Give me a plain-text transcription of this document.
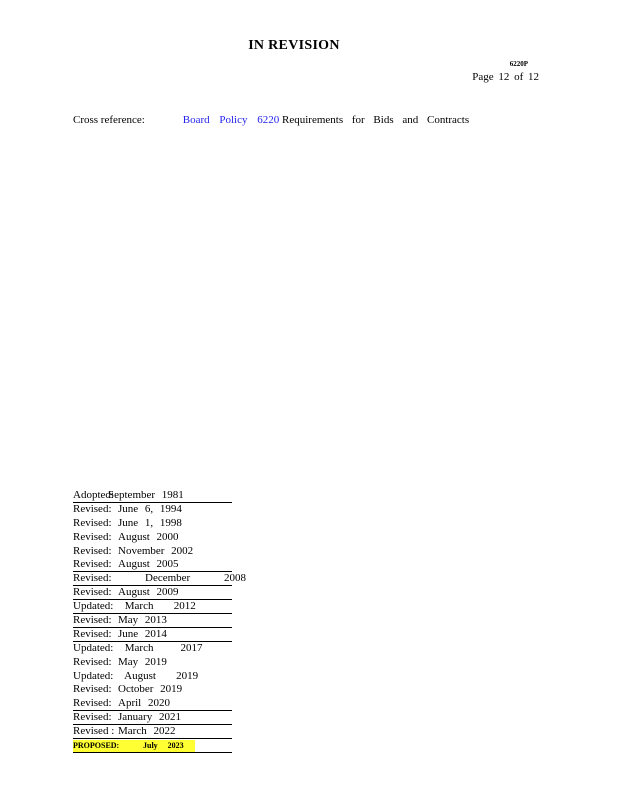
IN REVISION
6220P
Page 12 of 12
Cross reference:	Board Policy 6220 Requirements for Bids and Contracts
Adopted:September 1981
Revised: June 6, 1994
Revised: June 1, 1998
Revised: August 2000
Revised: November 2002
Revised: August 2005
Revised:    December     2008
Revised: August 2009
Updated: March   2012
Revised: May 2013
Revised: June 2014
Updated: March    2017
Revised: May 2019
Updated: August   2019
Revised: October 2019
Revised: April 2020
Revised: January 2021
Revised : March 2022
PROPOSED:	July     2023
